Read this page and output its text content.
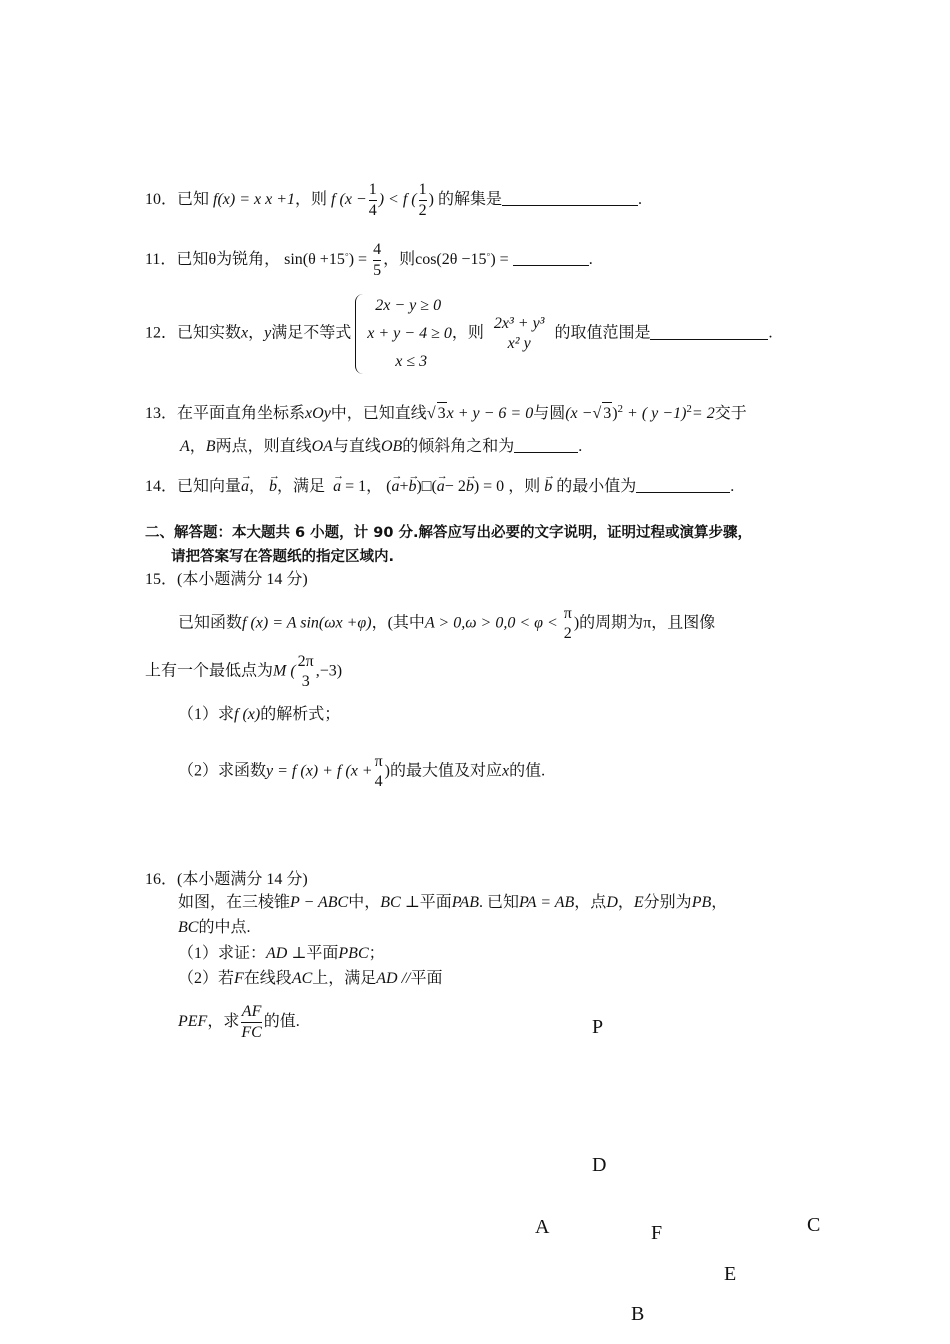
10．已知 f(x) = x x +1，则 f ($x - \frac{1}{4}$ ) < f ( $\frac{1}{2}$ ) 的解集是	.
11．已知θ为锐角， $\sin(\theta +15^◦) = \frac{4}{5}$ ，则cos(2θ −15◦) =	.
12．已知实数x，y满足不等式
2x − y ≥ 0
x + y − 4 ≥ 0
x ≤ 3
，则
2x³ + y³
x² y
的取值范围是	.
13．在平面直角坐标系xOy中，已知直线√ 3x + y − 6 = 0与圆(x −√ 3)$^2$ + ( y −1)$^2$= 2交于
A，B两点，则直线OA与直线OB的倾斜角之和为	.
14．已知向量→ a， → b，满足 → a = 1， (→ a+→ b)□(→ a− 2→ b) = 0 ，则 → b 的最小值为	.
二、解答题：本大题共 6 小题，计 90 分.解答应写出必要的文字说明，证明过程或演算步骤，
请把答案写在答题纸的指定区域内.
15．(本小题满分 14 分)
已知函数f (x) = A sin(ωx +φ)，(其中A > 0,ω > 0,0 < φ <
π
2
)的周期为π，且图像
上有一个最低点为M (
2π
3
,−3)
（1）求f (x)的解析式；
（2）求函数y = f (x) + f (x +
π
4
)的最大值及对应x的值.
16．(本小题满分 14 分)
如图，在三棱锥P − ABC中，BC ⊥平面PAB. 已知PA = AB，点D，E分别为PB，
BC的中点.
（1）求证：AD ⊥平面PBC；
（2）若F在线段AC上，满足AD //平面
PEF，求 $\frac{AF}{FC}$ 的值.	P
D
A	F	C
E
B
